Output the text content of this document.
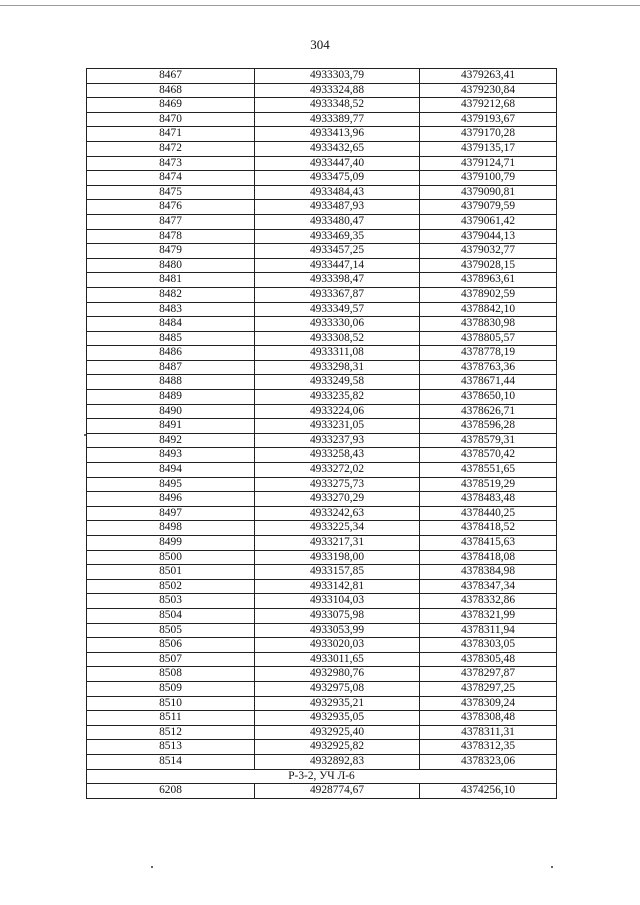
304
8467	4933303,79	4379263,41
8468	4933324,88	4379230,84
8469	4933348,52	4379212,68
8470	4933389,77	4379193,67
8471	4933413,96	4379170,28
8472	4933432,65	4379135,17
8473	4933447,40	4379124,71
8474	4933475,09	4379100,79
8475	4933484,43	4379090,81
8476	4933487,93	4379079,59
8477	4933480,47	4379061,42
8478	4933469,35	4379044,13
8479	4933457,25	4379032,77
8480	4933447,14	4379028,15
8481	4933398,47	4378963,61
8482	4933367,87	4378902,59
8483	4933349,57	4378842,10
8484	4933330,06	4378830,98
8485	4933308,52	4378805,57
8486	4933311,08	4378778,19
8487	4933298,31	4378763,36
8488	4933249,58	4378671,44
8489	4933235,82	4378650,10
8490	4933224,06	4378626,71
8491	4933231,05	4378596,28
8492	4933237,93	4378579,31
8493	4933258,43	4378570,42
8494	4933272,02	4378551,65
8495	4933275,73	4378519,29
8496	4933270,29	4378483,48
8497	4933242,63	4378440,25
8498	4933225,34	4378418,52
8499	4933217,31	4378415,63
8500	4933198,00	4378418,08
8501	4933157,85	4378384,98
8502	4933142,81	4378347,34
8503	4933104,03	4378332,86
8504	4933075,98	4378321,99
8505	4933053,99	4378311,94
8506	4933020,03	4378303,05
8507	4933011,65	4378305,48
8508	4932980,76	4378297,87
8509	4932975,08	4378297,25
8510	4932935,21	4378309,24
8511	4932935,05	4378308,48
8512	4932925,40	4378311,31
8513	4932925,82	4378312,35
8514	4932892,83	4378323,06
Р-3-2, УЧ Л-6		
6208	4928774,67	4374256,10
